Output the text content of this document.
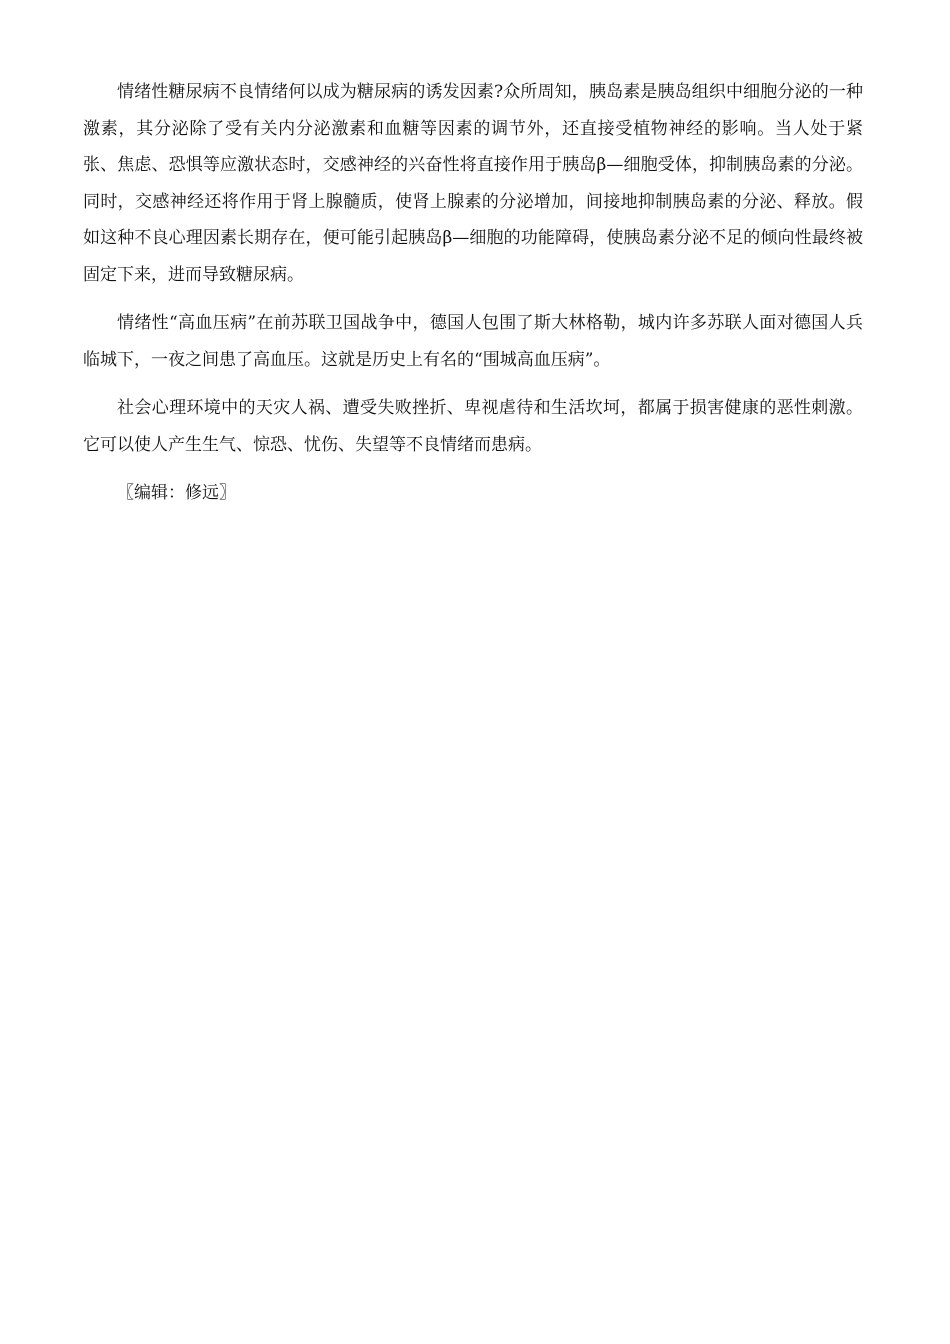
情绪性糖尿病不良情绪何以成为糖尿病的诱发因素?众所周知，胰岛素是胰岛组织中细胞分泌的一种激素，其分泌除了受有关内分泌激素和血糖等因素的调节外，还直接受植物神经的影响。当人处于紧张、焦虑、恐惧等应激状态时，交感神经的兴奋性将直接作用于胰岛β—细胞受体，抑制胰岛素的分泌。同时，交感神经还将作用于肾上腺髓质，使肾上腺素的分泌增加，间接地抑制胰岛素的分泌、释放。假如这种不良心理因素长期存在，便可能引起胰岛β—细胞的功能障碍，使胰岛素分泌不足的倾向性最终被固定下来，进而导致糖尿病。

情绪性“高血压病”在前苏联卫国战争中，德国人包围了斯大林格勒，城内许多苏联人面对德国人兵临城下，一夜之间患了高血压。这就是历史上有名的“围城高血压病”。

社会心理环境中的天灾人祸、遭受失败挫折、卑视虐待和生活坎坷，都属于损害健康的恶性刺激。它可以使人产生生气、惊恐、忧伤、失望等不良情绪而患病。

〖编辑：修远〗
